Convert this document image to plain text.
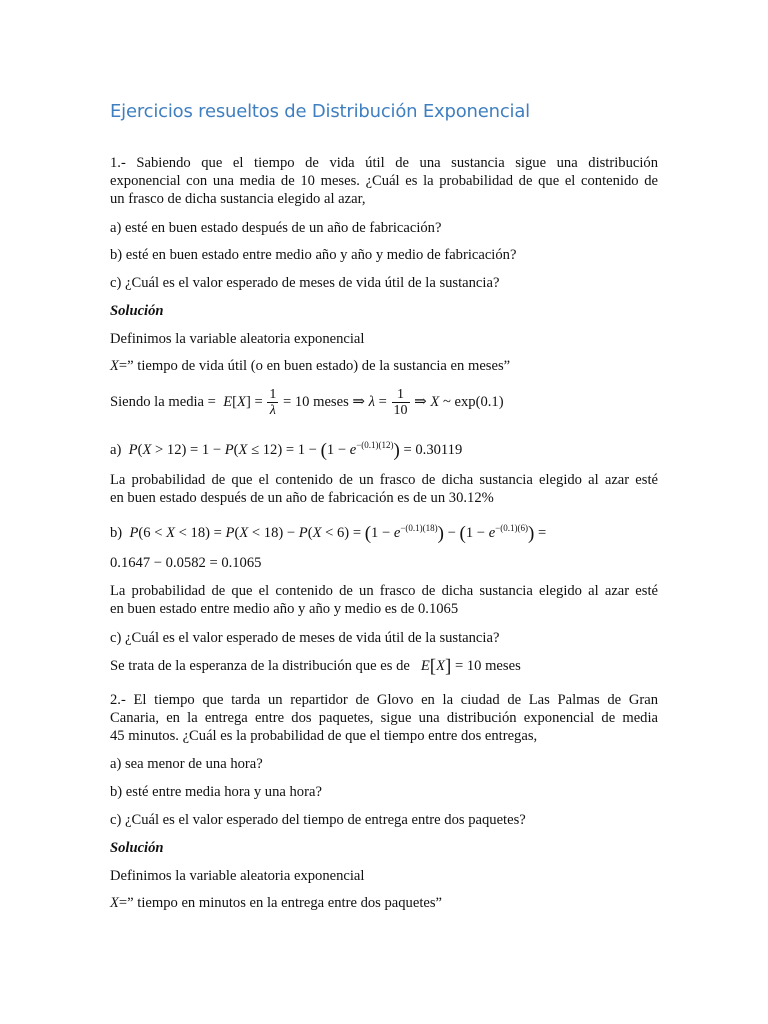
Ejercicios resueltos de Distribución Exponencial
1.- Sabiendo que el tiempo de vida útil de una sustancia sigue una distribución
exponencial con una media de 10 meses. ¿Cuál es la probabilidad de que el contenido de
un frasco de dicha sustancia elegido al azar,

a) esté en buen estado después de un año de fabricación?

b) esté en buen estado entre medio año y año y medio de fabricación?

c) ¿Cuál es el valor esperado de meses de vida útil de la sustancia?

Solución

Definimos la variable aleatoria exponencial

X=” tiempo de vida útil (o en buen estado) de la sustancia en meses”

Siendo la media = $E[X] = \frac{1}{\lambda} = 10$ meses ⇒ $\lambda = \frac{1}{10}$ ⇒ X ~ exp(0.1)
a) $P(X > 12) = 1 - P(X \le 12) = 1 - (1 - e^{-(0.1)(12)}) = 0.30119$
La probabilidad de que el contenido de un frasco de dicha sustancia elegido al azar esté
en buen estado después de un año de fabricación es de un 30.12%
b) $P(6 < X < 18) = P(X < 18) - P(X < 6) = (1 - e^{-(0.1)(18)}) - (1 - e^{-(0.1)(6)})$ =

0.1647 − 0.0582 = 0.1065

La probabilidad de que el contenido de un frasco de dicha sustancia elegido al azar esté
en buen estado entre medio año y año y medio es de 0.1065

c) ¿Cuál es el valor esperado de meses de vida útil de la sustancia?

Se trata de la esperanza de la distribución que es de E[X] = 10 meses
2.- El tiempo que tarda un repartidor de Glovo en la ciudad de Las Palmas de Gran
Canaria, en la entrega entre dos paquetes, sigue una distribución exponencial de media
45 minutos. ¿Cuál es la probabilidad de que el tiempo entre dos entregas,

a) sea menor de una hora?

b) esté entre media hora y una hora?

c) ¿Cuál es el valor esperado del tiempo de entrega entre dos paquetes?

Solución

Definimos la variable aleatoria exponencial

X=” tiempo en minutos en la entrega entre dos paquetes”
